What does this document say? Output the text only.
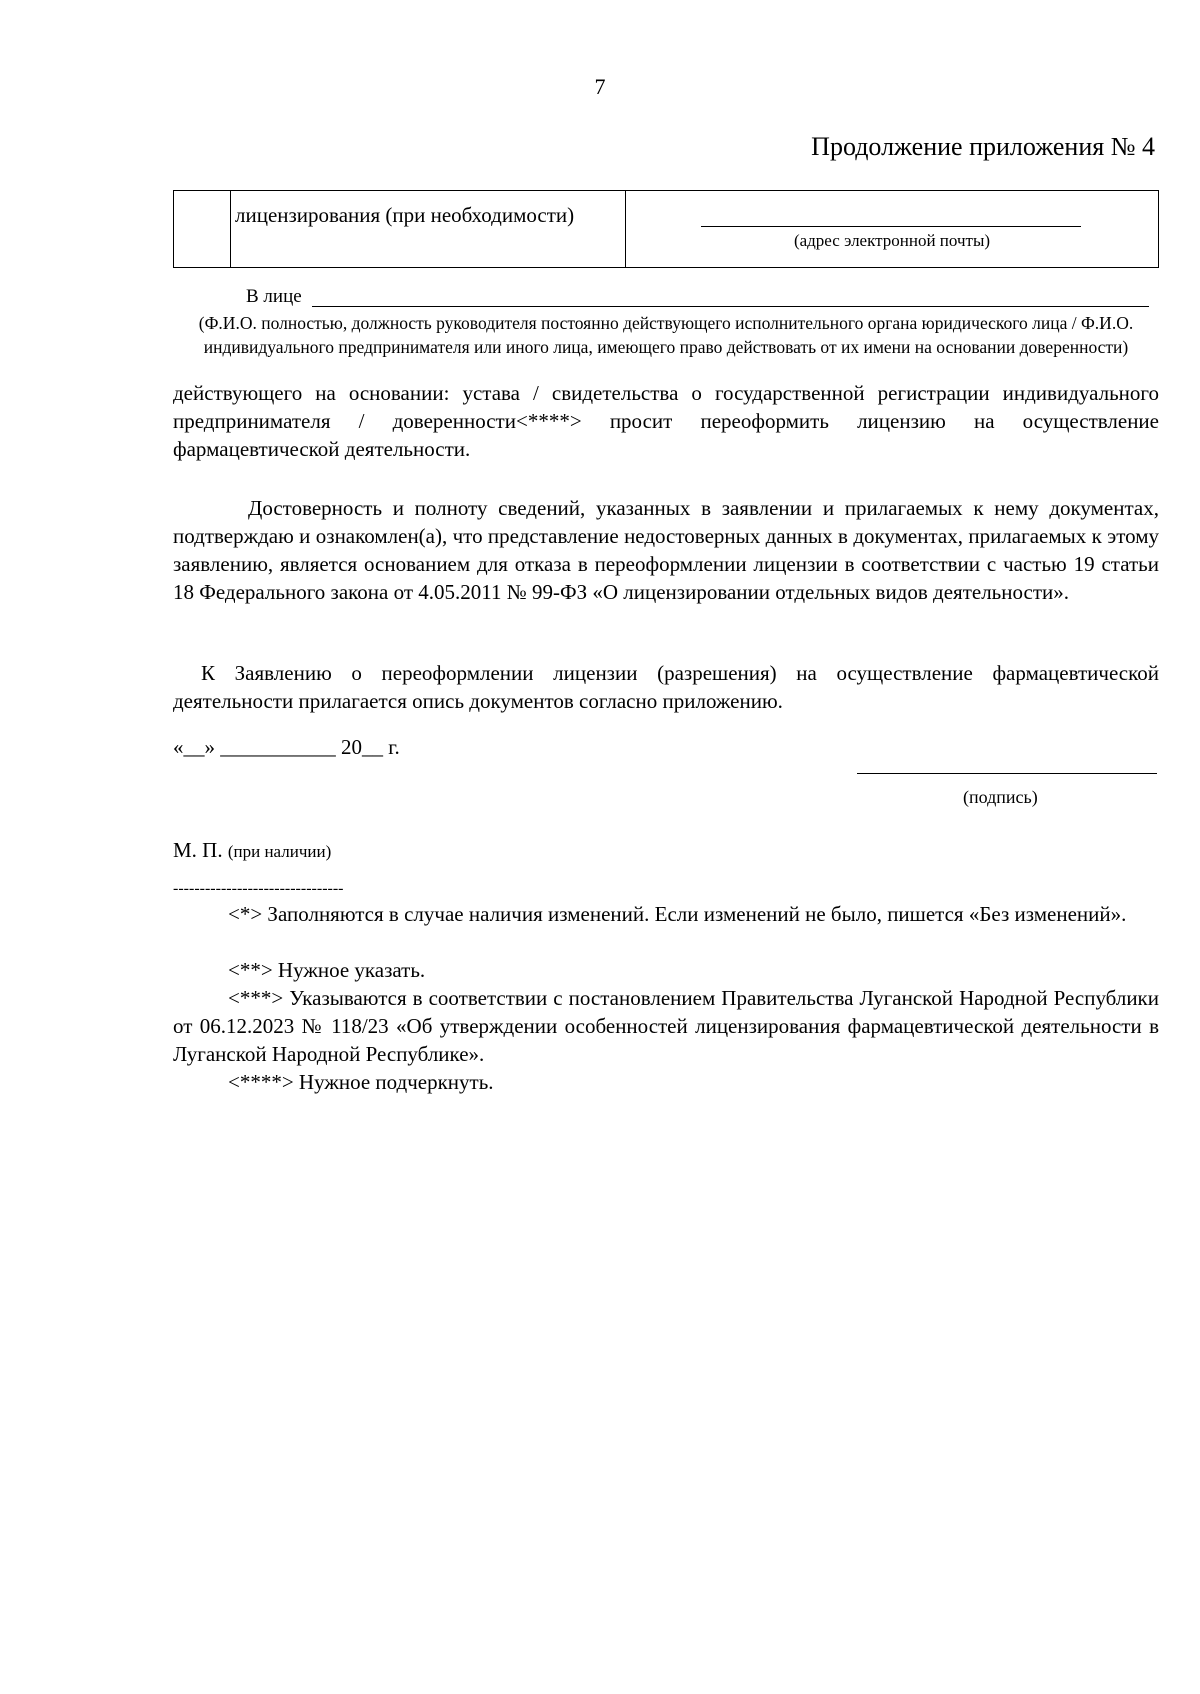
7
Продолжение приложения № 4
лицензирования (при необходимости)
(адрес электронной почты)
В лице
(Ф.И.О. полностью, должность руководителя постоянно действующего исполнительного органа юридического лица / Ф.И.О. индивидуального предпринимателя или иного лица, имеющего право действовать от их имени на основании доверенности)
действующего на основании: устава / свидетельства о государственной регистрации индивидуального предпринимателя / доверенности<****> просит переоформить лицензию на осуществление фармацевтической деятельности.
Достоверность и полноту сведений, указанных в заявлении и прилагаемых к нему документах, подтверждаю и ознакомлен(а), что представление недостоверных данных в документах, прилагаемых к этому заявлению, является основанием для отказа в переоформлении лицензии в соответствии с частью 19 статьи 18 Федерального закона от 4.05.2011 № 99-ФЗ «О лицензировании отдельных видов деятельности».
К Заявлению о переоформлении лицензии (разрешения) на осуществление фармацевтической деятельности прилагается опись документов согласно приложению.
«__» ___________ 20__ г.
(подпись)
М. П. (при наличии)
--------------------------------
<*> Заполняются в случае наличия изменений. Если изменений не было, пишется «Без изменений».
<**> Нужное указать.
<***> Указываются в соответствии с постановлением Правительства Луганской Народной Республики от 06.12.2023 № 118/23 «Об утверждении особенностей лицензирования фармацевтической деятельности в Луганской Народной Республике».
<****> Нужное подчеркнуть.
